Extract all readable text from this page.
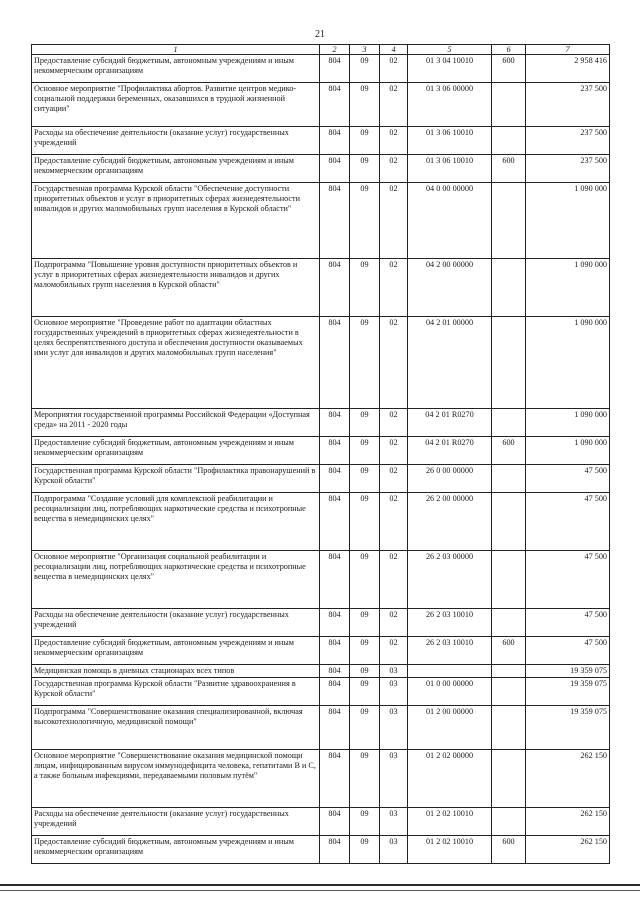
21
1	2	3	4	5	6	7
Предоставление субсидий бюджетным, автономным учреждениям и иным некоммерческим организациям	804	09	02	01 3 04 10010	600	2 958 416
Основное мероприятие "Профилактика абортов. Развитие центров медико-социальной поддержки беременных, оказавшихся в трудной жизненной ситуации"	804	09	02	01 3 06 00000		237 500
Расходы на обеспечение деятельности (оказание услуг) государственных учреждений	804	09	02	01 3 06 10010		237 500
Предоставление субсидий бюджетным, автономным учреждениям и иным некоммерческим организациям	804	09	02	01 3 06 10010	600	237 500
Государственная программа Курской области "Обеспечение доступности приоритетных объектов и услуг в приоритетных сферах жизнедеятельности инвалидов и других маломобильных групп населения в Курской области"	804	09	02	04 0 00 00000		1 090 000
Подпрограмма "Повышение уровня доступности приоритетных объектов и услуг в приоритетных сферах жизнедеятельности инвалидов и других маломобильных групп населения в Курской области"	804	09	02	04 2 00 00000		1 090 000
Основное мероприятие "Проведение работ по адаптации областных государственных учреждений в приоритетных сферах жизнедеятельности в целях беспрепятственного доступа и обеспечения доступности оказываемых ими услуг для инвалидов и других маломобильных групп населения"	804	09	02	04 2 01 00000		1 090 000
Мероприятия государственной программы Российской Федерации «Доступная среда» на 2011 - 2020 годы	804	09	02	04 2 01 R0270		1 090 000
Предоставление субсидий бюджетным, автономным учреждениям и иным некоммерческим организациям	804	09	02	04 2 01 R0270	600	1 090 000
Государственная программа Курской области "Профилактика правонарушений в Курской области"	804	09	02	26 0 00 00000		47 500
Подпрограмма "Создание условий для комплексной реабилитации и ресоциализации лиц, потребляющих наркотические средства и психотропные вещества в немедицинских целях"	804	09	02	26 2 00 00000		47 500
Основное мероприятие "Организация социальной реабилитации и ресоциализации лиц, потребляющих наркотические средства и психотропные вещества в немедицинских целях"	804	09	02	26 2 03 00000		47 500
Расходы на обеспечение деятельности (оказание услуг) государственных учреждений	804	09	02	26 2 03 10010		47 500
Предоставление субсидий бюджетным, автономным учреждениям и иным некоммерческим организациям	804	09	02	26 2 03 10010	600	47 500
Медицинская помощь в дневных стационарах всех типов	804	09	03			19 359 075
Государственная программа Курской области "Развитие здравоохранения в Курской области"	804	09	03	01 0 00 00000		19 359 075
Подпрограмма "Совершенствование оказания специализированной, включая высокотехнологичную, медицинской помощи"	804	09	03	01 2 00 00000		19 359 075
Основное мероприятие "Совершенствование оказания медицинской помощи лицам, инфицированным вирусом иммунодефицита человека, гепатитами В и С, а также больным инфекциями, передаваемыми половым путём"	804	09	03	01 2 02 00000		262 150
Расходы на обеспечение деятельности (оказание услуг) государственных учреждений	804	09	03	01 2 02 10010		262 150
Предоставление субсидий бюджетным, автономным учреждениям и иным некоммерческим организациям	804	09	03	01 2 02 10010	600	262 150
